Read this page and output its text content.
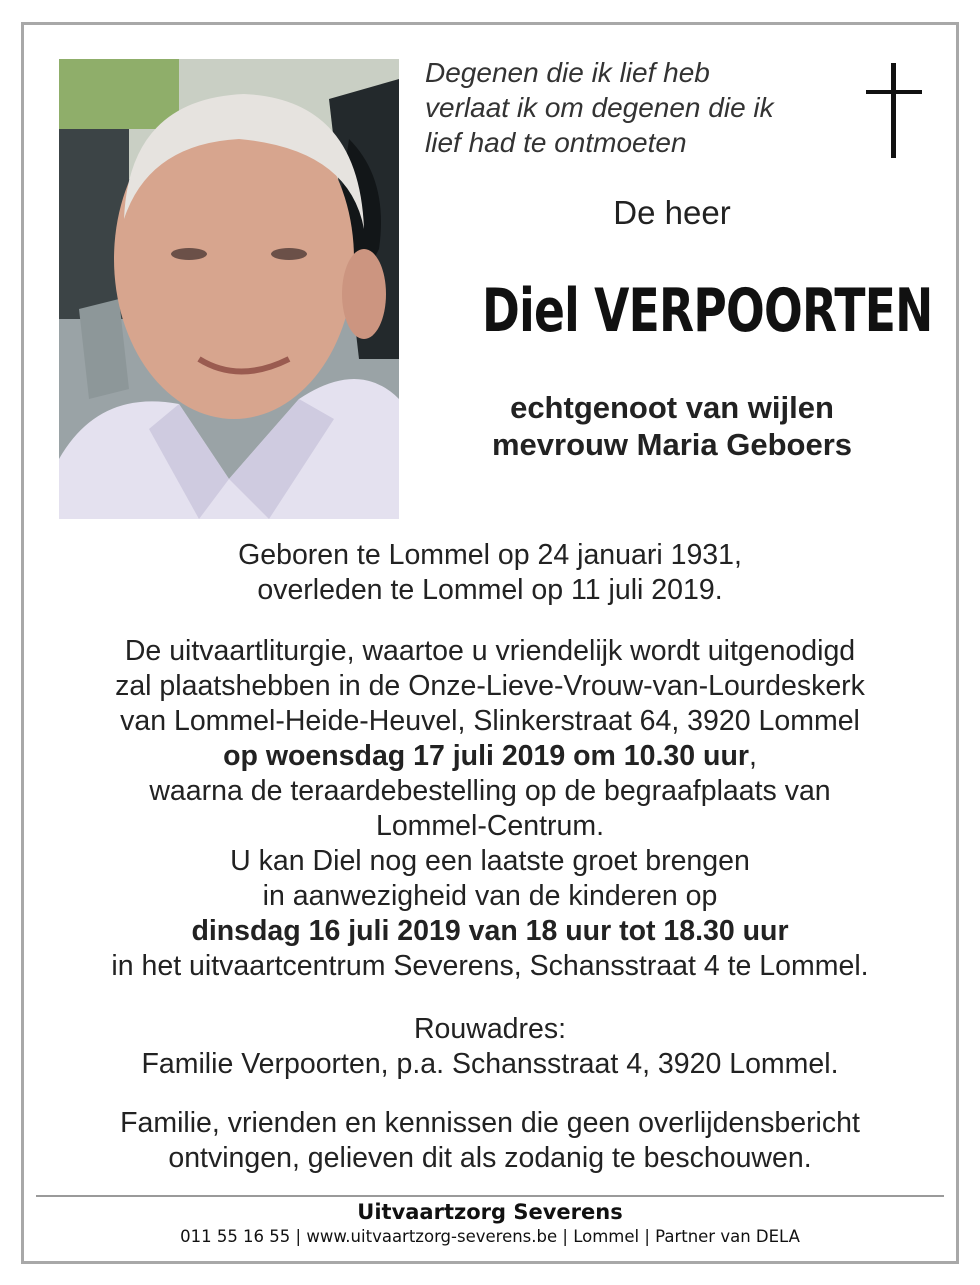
Degenen die ik lief heb
verlaat ik om degenen die ik
lief had te ontmoeten
De heer
Diel VERPOORTEN
echtgenoot van wijlen
mevrouw Maria Geboers

Geboren te Lommel op 24 januari 1931,

overleden te Lommel op 11 juli 2019.

De uitvaartliturgie, waartoe u vriendelijk wordt uitgenodigd

zal plaatshebben in de Onze-Lieve-Vrouw-van-Lourdeskerk

van Lommel-Heide-Heuvel, Slinkerstraat 64, 3920 Lommel

op woensdag 17 juli 2019 om 10.30 uur,

waarna de teraardebestelling op de begraafplaats van

Lommel-Centrum.

U kan Diel nog een laatste groet brengen

in aanwezigheid van de kinderen op

dinsdag 16 juli 2019 van 18 uur tot 18.30 uur

in het uitvaartcentrum Severens, Schansstraat 4 te Lommel.

Rouwadres:

Familie Verpoorten, p.a. Schansstraat 4, 3920 Lommel.

Familie, vrienden en kennissen die geen overlijdensbericht

ontvingen, gelieven dit als zodanig te beschouwen.

Uitvaartzorg Severens
011 55 16 55 | www.uitvaartzorg-severens.be | Lommel | Partner van DELA
